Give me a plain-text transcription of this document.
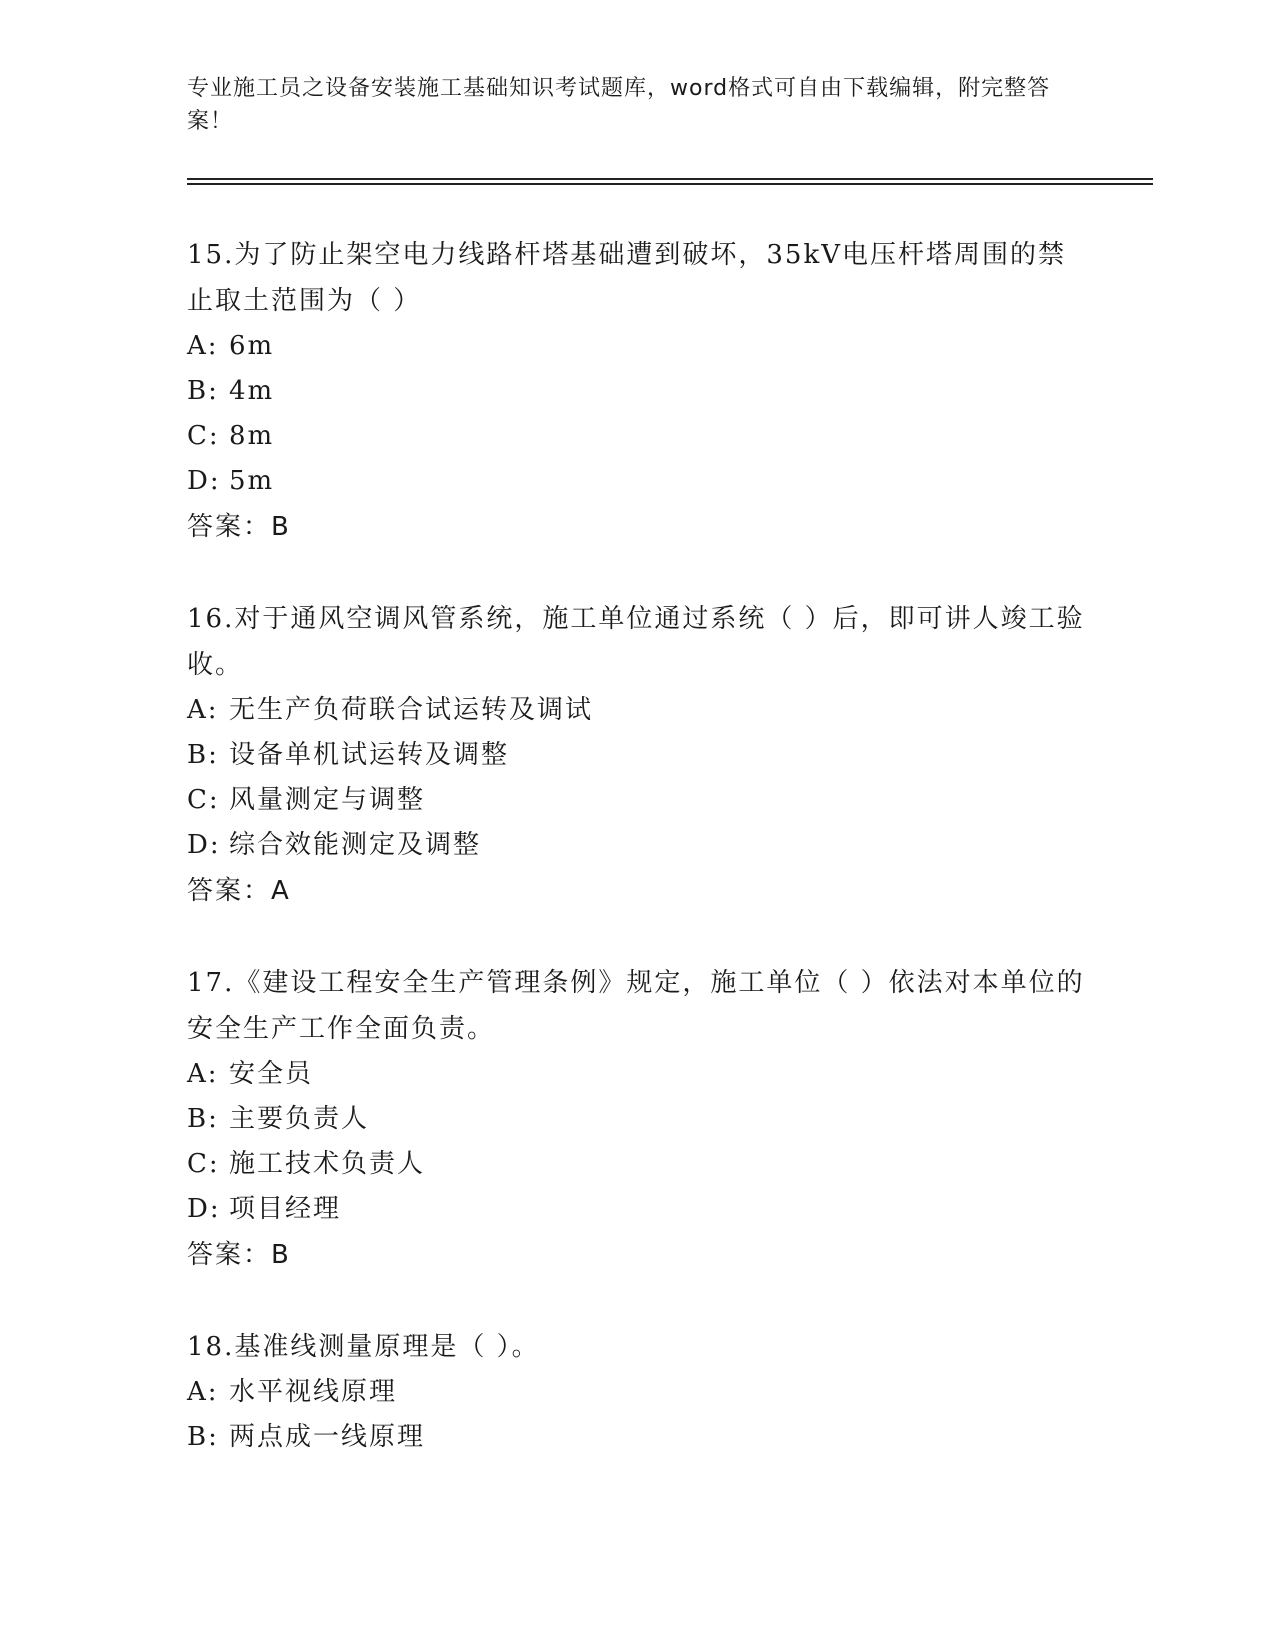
专业施工员之设备安装施工基础知识考试题库，word格式可自由下载编辑，附完整答案！

15.为了防止架空电力线路杆塔基础遭到破坏，35kV电压杆塔周围的禁止取土范围为（ ）

A: 6m

B: 4m

C: 8m

D: 5m

答案：B

16.对于通风空调风管系统，施工单位通过系统（ ）后，即可讲人竣工验收。

A: 无生产负荷联合试运转及调试

B: 设备单机试运转及调整

C: 风量测定与调整

D: 综合效能测定及调整

答案：A

17.《建设工程安全生产管理条例》规定，施工单位（ ）依法对本单位的安全生产工作全面负责。

A: 安全员

B: 主要负责人

C: 施工技术负责人

D: 项目经理

答案：B

18.基准线测量原理是（ ）。

A: 水平视线原理

B: 两点成一线原理
